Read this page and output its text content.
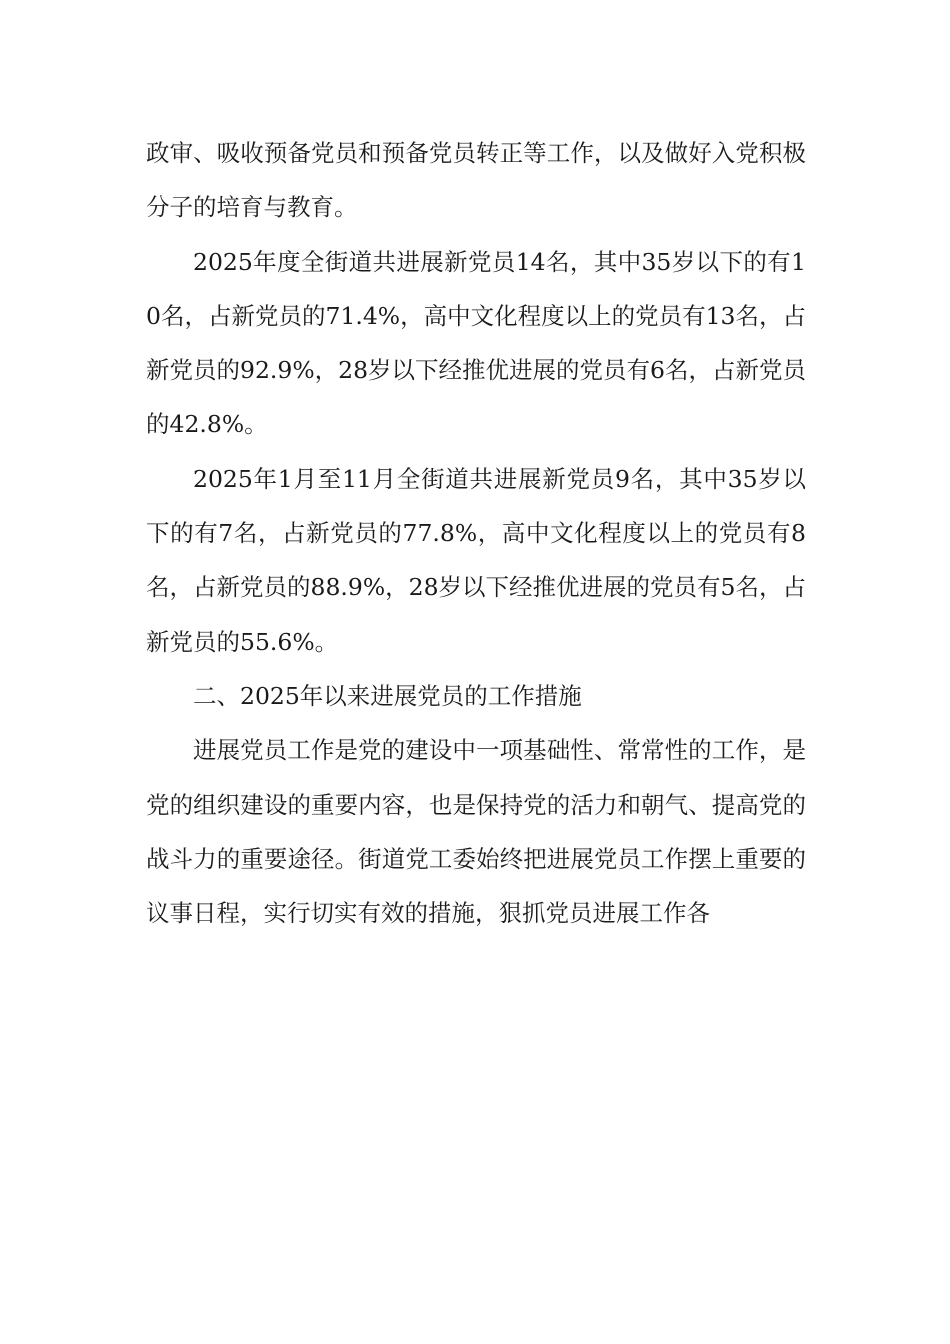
政审、吸收预备党员和预备党员转正等工作，以及做好入党积极分子的培育与教育。

2025年度全街道共进展新党员14名，其中35岁以下的有10名，占新党员的71.4%，高中文化程度以上的党员有13名，占新党员的92.9%，28岁以下经推优进展的党员有6名，占新党员的42.8%。

2025年1月至11月全街道共进展新党员9名，其中35岁以下的有7名，占新党员的77.8%，高中文化程度以上的党员有8名，占新党员的88.9%，28岁以下经推优进展的党员有5名，占新党员的55.6%。

二、2025年以来进展党员的工作措施

进展党员工作是党的建设中一项基础性、常常性的工作，是党的组织建设的重要内容，也是保持党的活力和朝气、提高党的战斗力的重要途径。街道党工委始终把进展党员工作摆上重要的议事日程，实行切实有效的措施，狠抓党员进展工作各
